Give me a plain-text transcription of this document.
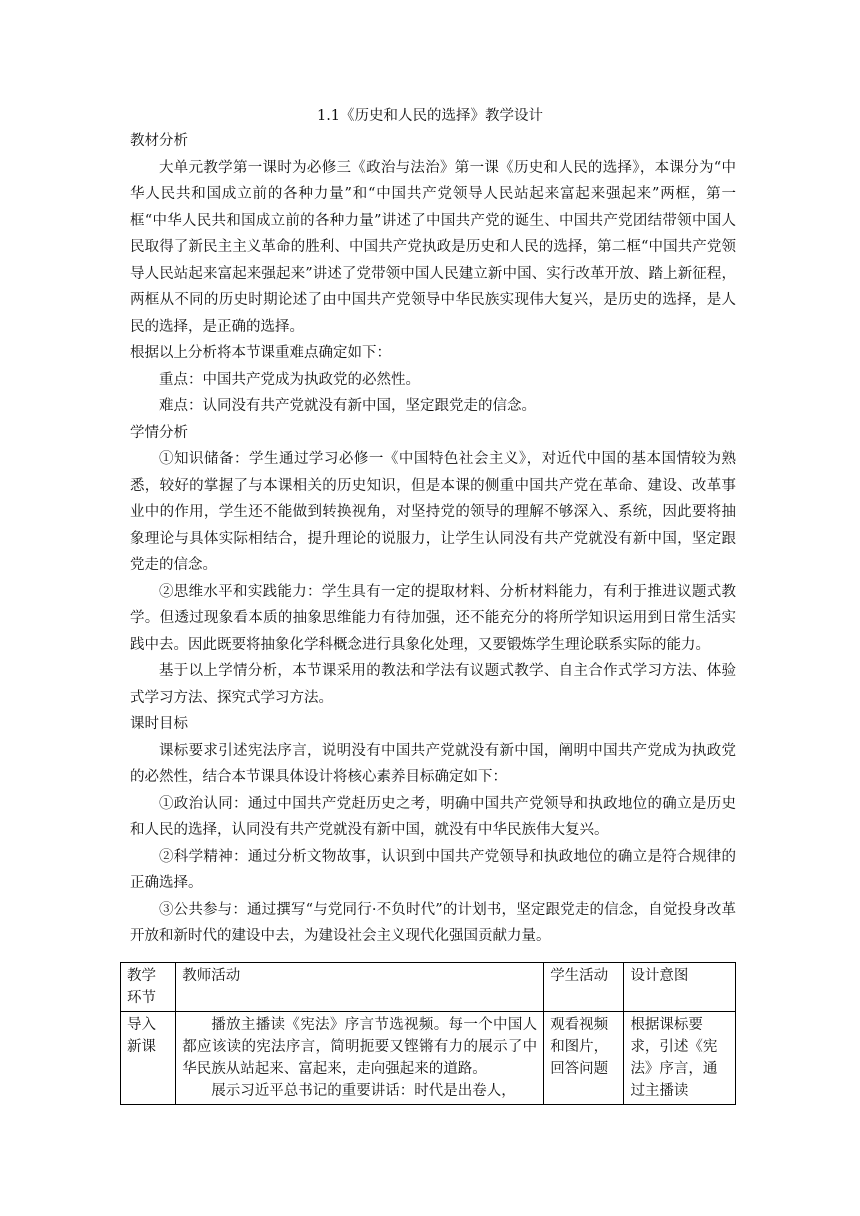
1.1《历史和人民的选择》教学设计

教材分析

大单元教学第一课时为必修三《政治与法治》第一课《历史和人民的选择》，本课分为“中华人民共和国成立前的各种力量”和“中国共产党领导人民站起来富起来强起来”两框，第一框“中华人民共和国成立前的各种力量”讲述了中国共产党的诞生、中国共产党团结带领中国人民取得了新民主主义革命的胜利、中国共产党执政是历史和人民的选择，第二框“中国共产党领导人民站起来富起来强起来”讲述了党带领中国人民建立新中国、实行改革开放、踏上新征程，两框从不同的历史时期论述了由中国共产党领导中华民族实现伟大复兴，是历史的选择，是人民的选择，是正确的选择。

根据以上分析将本节课重难点确定如下：

重点：中国共产党成为执政党的必然性。

难点：认同没有共产党就没有新中国，坚定跟党走的信念。

学情分析

①知识储备：学生通过学习必修一《中国特色社会主义》，对近代中国的基本国情较为熟悉，较好的掌握了与本课相关的历史知识，但是本课的侧重中国共产党在革命、建设、改革事业中的作用，学生还不能做到转换视角，对坚持党的领导的理解不够深入、系统，因此要将抽象理论与具体实际相结合，提升理论的说服力，让学生认同没有共产党就没有新中国，坚定跟党走的信念。

②思维水平和实践能力：学生具有一定的提取材料、分析材料能力，有利于推进议题式教学。但透过现象看本质的抽象思维能力有待加强，还不能充分的将所学知识运用到日常生活实践中去。因此既要将抽象化学科概念进行具象化处理，又要锻炼学生理论联系实际的能力。

基于以上学情分析，本节课采用的教法和学法有议题式教学、自主合作式学习方法、体验式学习方法、探究式学习方法。

课时目标

课标要求引述宪法序言，说明没有中国共产党就没有新中国，阐明中国共产党成为执政党的必然性，结合本节课具体设计将核心素养目标确定如下：

①政治认同：通过中国共产党赶历史之考，明确中国共产党领导和执政地位的确立是历史和人民的选择，认同没有共产党就没有新中国，就没有中华民族伟大复兴。

②科学精神：通过分析文物故事，认识到中国共产党领导和执政地位的确立是符合规律的正确选择。

③公共参与：通过撰写“与党同行·不负时代”的计划书，坚定跟党走的信念，自觉投身改革开放和新时代的建设中去，为建设社会主义现代化强国贡献力量。

教学环节	教师活动	学生活动	设计意图
导入新课	播放主播读《宪法》序言节选视频。每一个中国人都应该读的宪法序言，简明扼要又铿锵有力的展示了中华民族从站起来、富起来，走向强起来的道路。

展示习近平总书记的重要讲话：时代是出卷人，	观看视频和图片，回答问题	根据课标要求，引述《宪法》序言，通过主播读
